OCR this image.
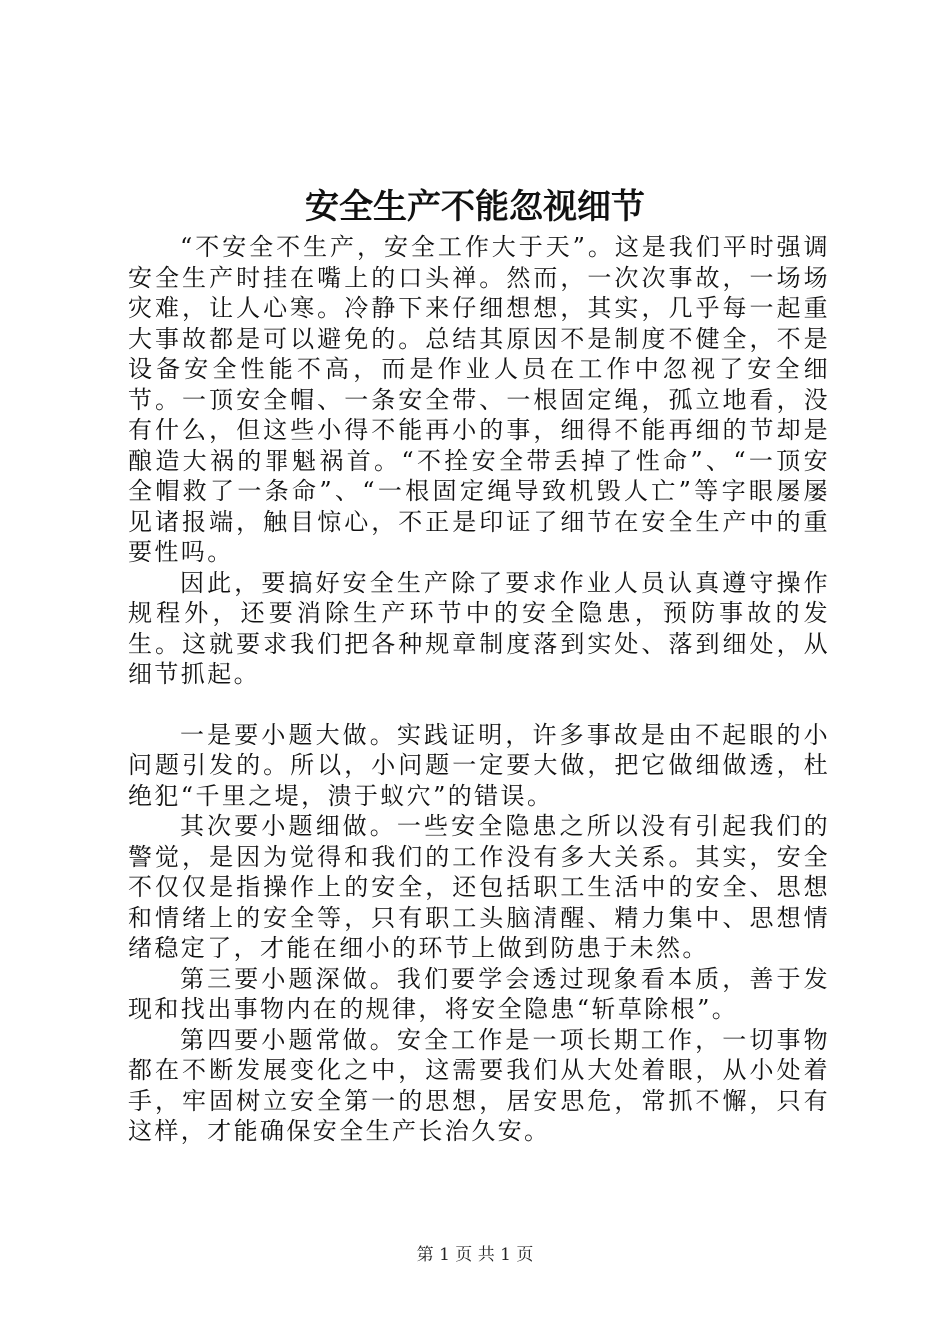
安全生产不能忽视细节

“不安全不生产，安全工作大于天”。这是我们平时强调安全生产时挂在嘴上的口头禅。然而，一次次事故，一场场灾难，让人心寒。冷静下来仔细想想，其实，几乎每一起重大事故都是可以避免的。总结其原因不是制度不健全，不是设备安全性能不高，而是作业人员在工作中忽视了安全细节。一顶安全帽、一条安全带、一根固定绳，孤立地看，没有什么，但这些小得不能再小的事，细得不能再细的节却是酿造大祸的罪魁祸首。“不拴安全带丢掉了性命”、“一顶安全帽救了一条命”、“一根固定绳导致机毁人亡”等字眼屡屡见诸报端，触目惊心，不正是印证了细节在安全生产中的重要性吗。

因此，要搞好安全生产除了要求作业人员认真遵守操作规程外，还要消除生产环节中的安全隐患，预防事故的发生。这就要求我们把各种规章制度落到实处、落到细处，从细节抓起。

一是要小题大做。实践证明，许多事故是由不起眼的小问题引发的。所以，小问题一定要大做，把它做细做透，杜绝犯“千里之堤，溃于蚁穴”的错误。

其次要小题细做。一些安全隐患之所以没有引起我们的警觉，是因为觉得和我们的工作没有多大关系。其实，安全不仅仅是指操作上的安全，还包括职工生活中的安全、思想和情绪上的安全等，只有职工头脑清醒、精力集中、思想情绪稳定了，才能在细小的环节上做到防患于未然。

第三要小题深做。我们要学会透过现象看本质，善于发现和找出事物内在的规律，将安全隐患“斩草除根”。

第四要小题常做。安全工作是一项长期工作，一切事物都在不断发展变化之中，这需要我们从大处着眼，从小处着手，牢固树立安全第一的思想，居安思危，常抓不懈，只有这样，才能确保安全生产长治久安。

第 1 页 共 1 页
